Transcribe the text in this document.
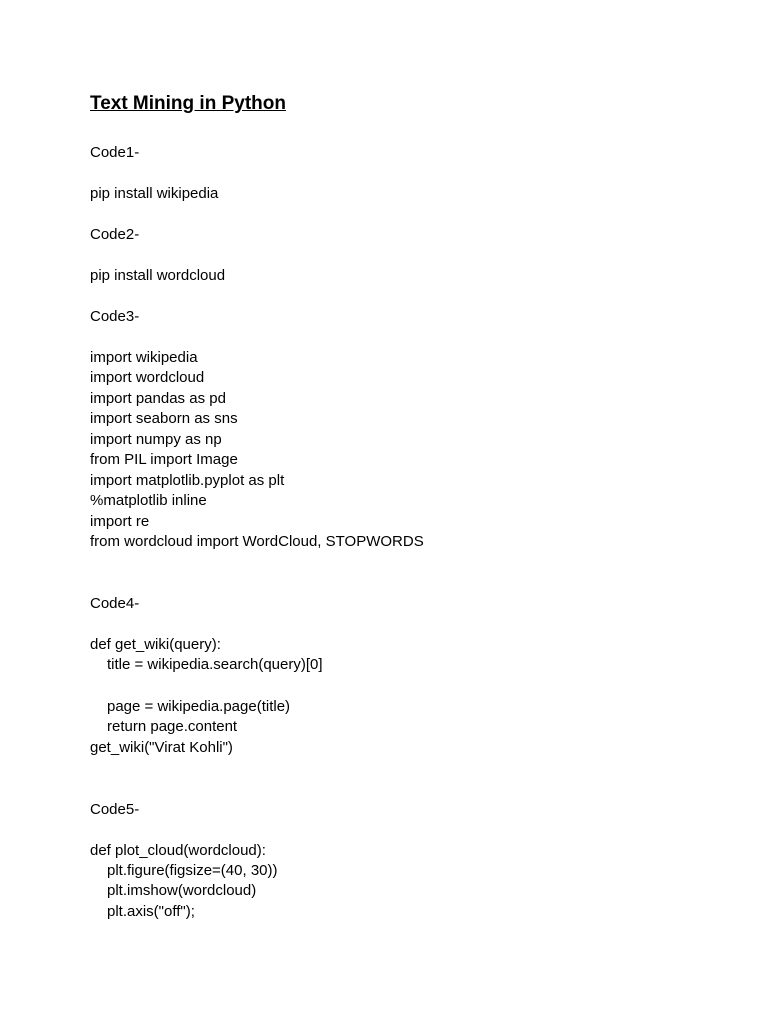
Text Mining in Python
Code1-
pip install wikipedia
Code2-
pip install wordcloud
Code3-
import wikipedia
import wordcloud
import pandas as pd
import seaborn as sns
import numpy as np
from PIL import Image
import matplotlib.pyplot as plt
%matplotlib inline
import re
from wordcloud import WordCloud, STOPWORDS
Code4-
def get_wiki(query):
title = wikipedia.search(query)[0]
page = wikipedia.page(title)
return page.content
get_wiki("Virat Kohli")
Code5-
def plot_cloud(wordcloud):
plt.figure(figsize=(40, 30))
plt.imshow(wordcloud)
plt.axis("off");
